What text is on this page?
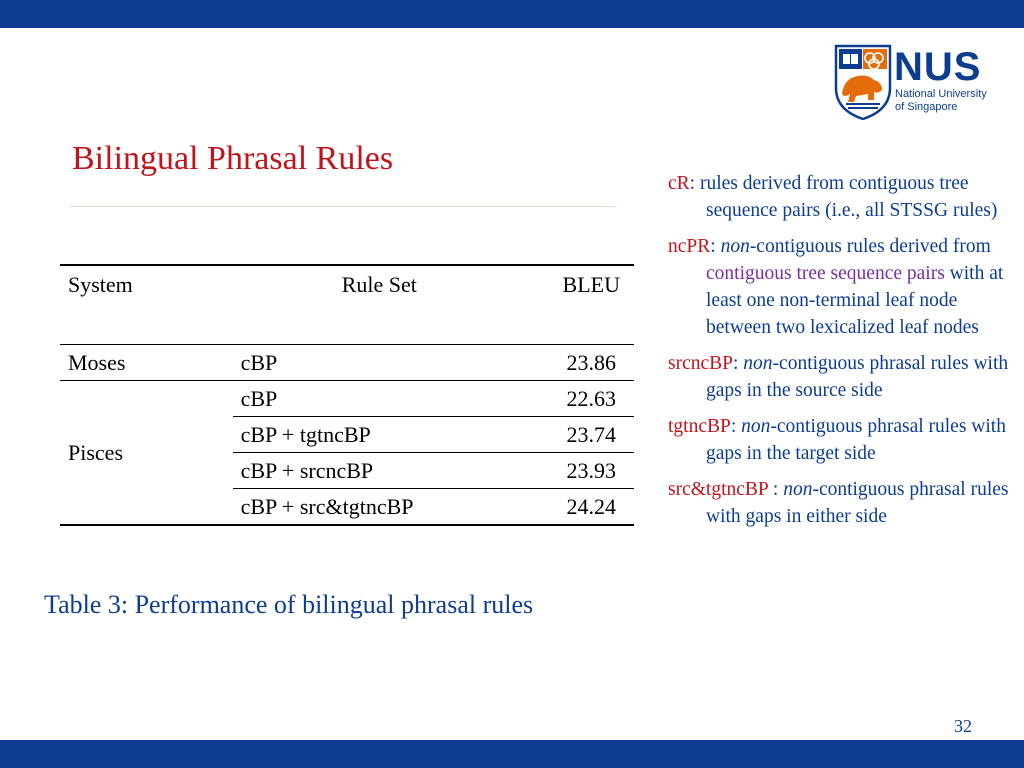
NUS
National University
of Singapore
Bilingual Phrasal Rules
System	Rule Set	BLEU
Moses	cBP	23.86
Pisces	cBP	22.63
	cBP + tgtncBP	23.74
	cBP + srcncBP	23.93
	cBP + src&tgtncBP	24.24
Table 3: Performance of bilingual phrasal rules
cR: rules derived from contiguous tree sequence pairs (i.e., all STSSG rules)
ncPR: non-contiguous rules derived from contiguous tree sequence pairs with at least one non-terminal leaf node between two lexicalized leaf nodes
srcncBP: non-contiguous phrasal rules with gaps in the source side
tgtncBP: non-contiguous phrasal rules with gaps in the target side
src&tgtncBP : non-contiguous phrasal rules with gaps in either side
32
